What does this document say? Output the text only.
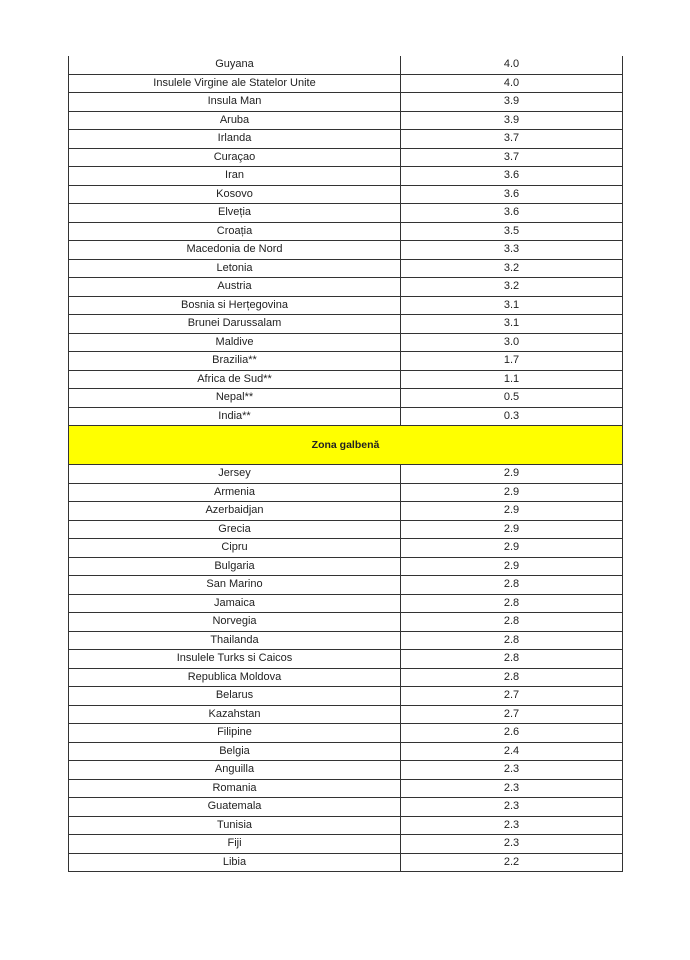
Guyana	4.0
Insulele Virgine ale Statelor Unite	4.0
Insula Man	3.9
Aruba	3.9
Irlanda	3.7
Curaçao	3.7
Iran	3.6
Kosovo	3.6
Elveția	3.6
Croația	3.5
Macedonia de Nord	3.3
Letonia	3.2
Austria	3.2
Bosnia si Herțegovina	3.1
Brunei Darussalam	3.1
Maldive	3.0
Brazilia**	1.7
Africa de Sud**	1.1
Nepal**	0.5
India**	0.3
Zona galbenă	
Jersey	2.9
Armenia	2.9
Azerbaidjan	2.9
Grecia	2.9
Cipru	2.9
Bulgaria	2.9
San Marino	2.8
Jamaica	2.8
Norvegia	2.8
Thailanda	2.8
Insulele Turks si Caicos	2.8
Republica Moldova	2.8
Belarus	2.7
Kazahstan	2.7
Filipine	2.6
Belgia	2.4
Anguilla	2.3
Romania	2.3
Guatemala	2.3
Tunisia	2.3
Fiji	2.3
Libia	2.2
